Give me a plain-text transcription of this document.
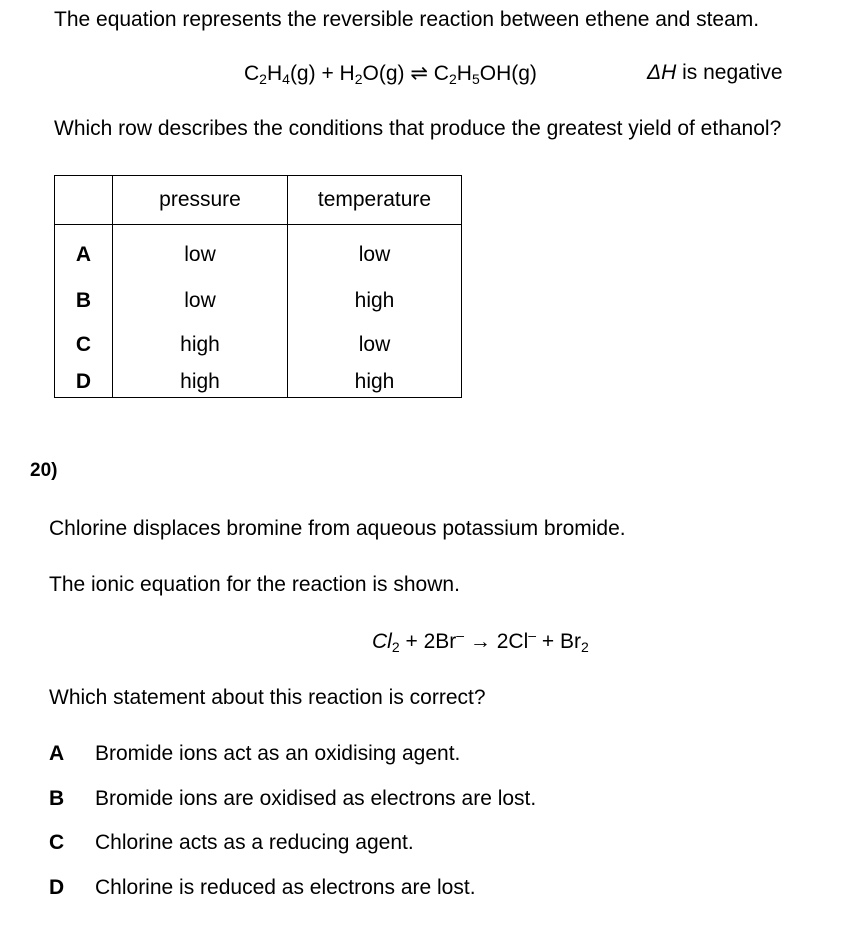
The equation represents the reversible reaction between ethene and steam.
$C_2H_4(g) + H_2O(g)$ ⇌ $C_2H_5OH(g)$	ΔH is negative
Which row describes the conditions that produce the greatest yield of ethanol?
	pressure	temperature
A	low	low
B	low	high
C	high	low
D	high	high
20)
Chlorine displaces bromine from aqueous potassium bromide.
The ionic equation for the reaction is shown.
$Cl_2 + 2Br^- \to 2Cl^- + Br_2$
Which statement about this reaction is correct?
A Bromide ions act as an oxidising agent.
B Bromide ions are oxidised as electrons are lost.
C Chlorine acts as a reducing agent.
D Chlorine is reduced as electrons are lost.
